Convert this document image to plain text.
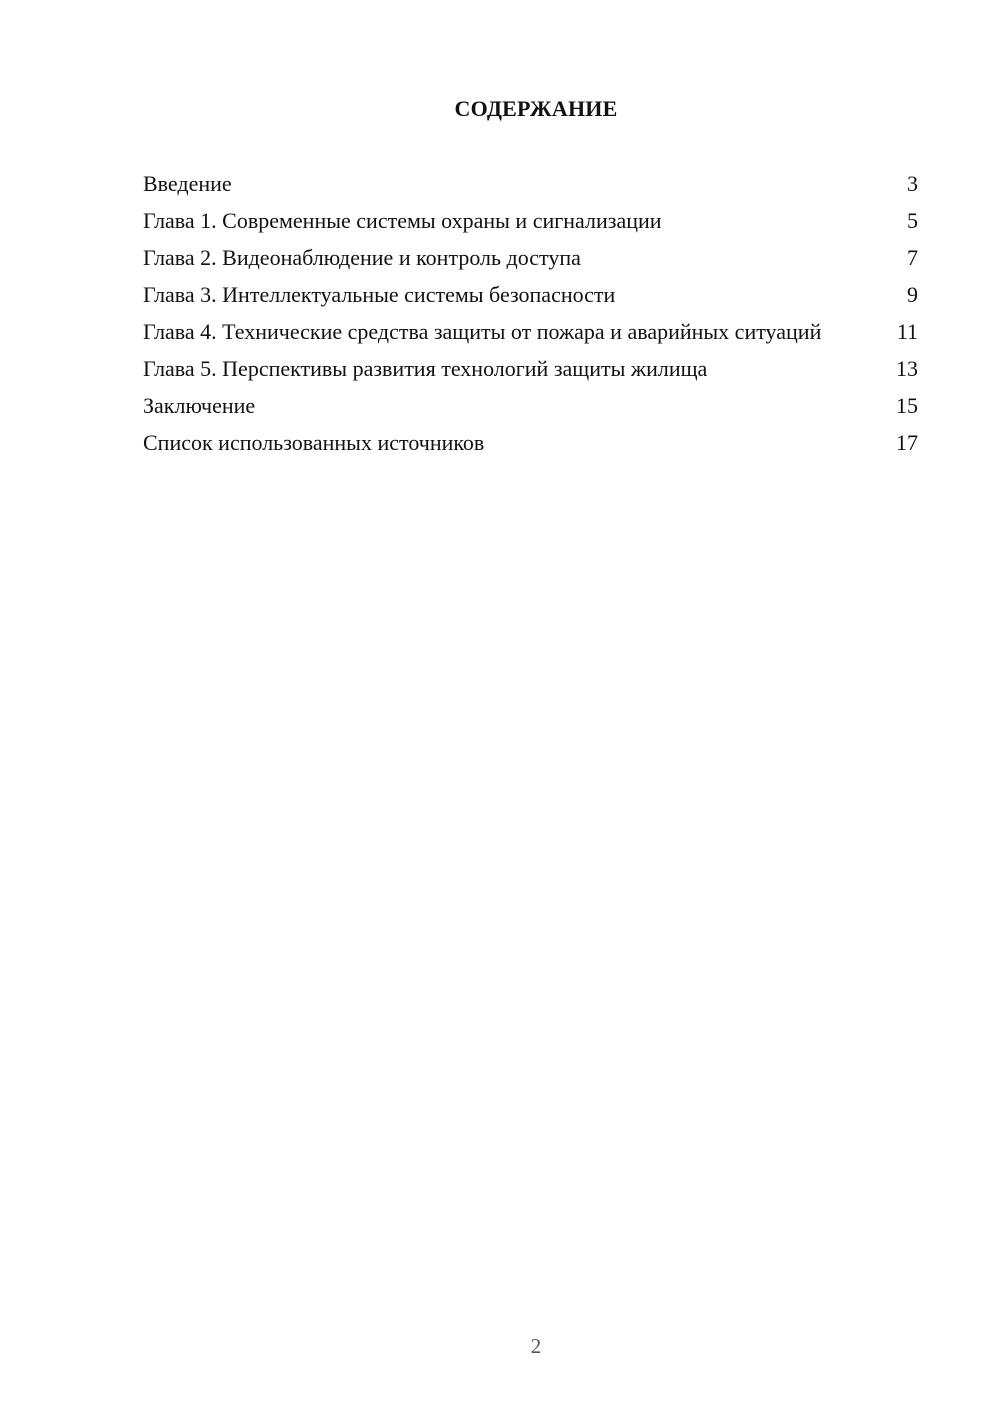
СОДЕРЖАНИЕ
Введение	3
Глава 1. Современные системы охраны и сигнализации	5
Глава 2. Видеонаблюдение и контроль доступа	7
Глава 3. Интеллектуальные системы безопасности	9
Глава 4. Технические средства защиты от пожара и аварийных ситуаций	11
Глава 5. Перспективы развития технологий защиты жилища	13
Заключение	15
Список использованных источников	17
2
